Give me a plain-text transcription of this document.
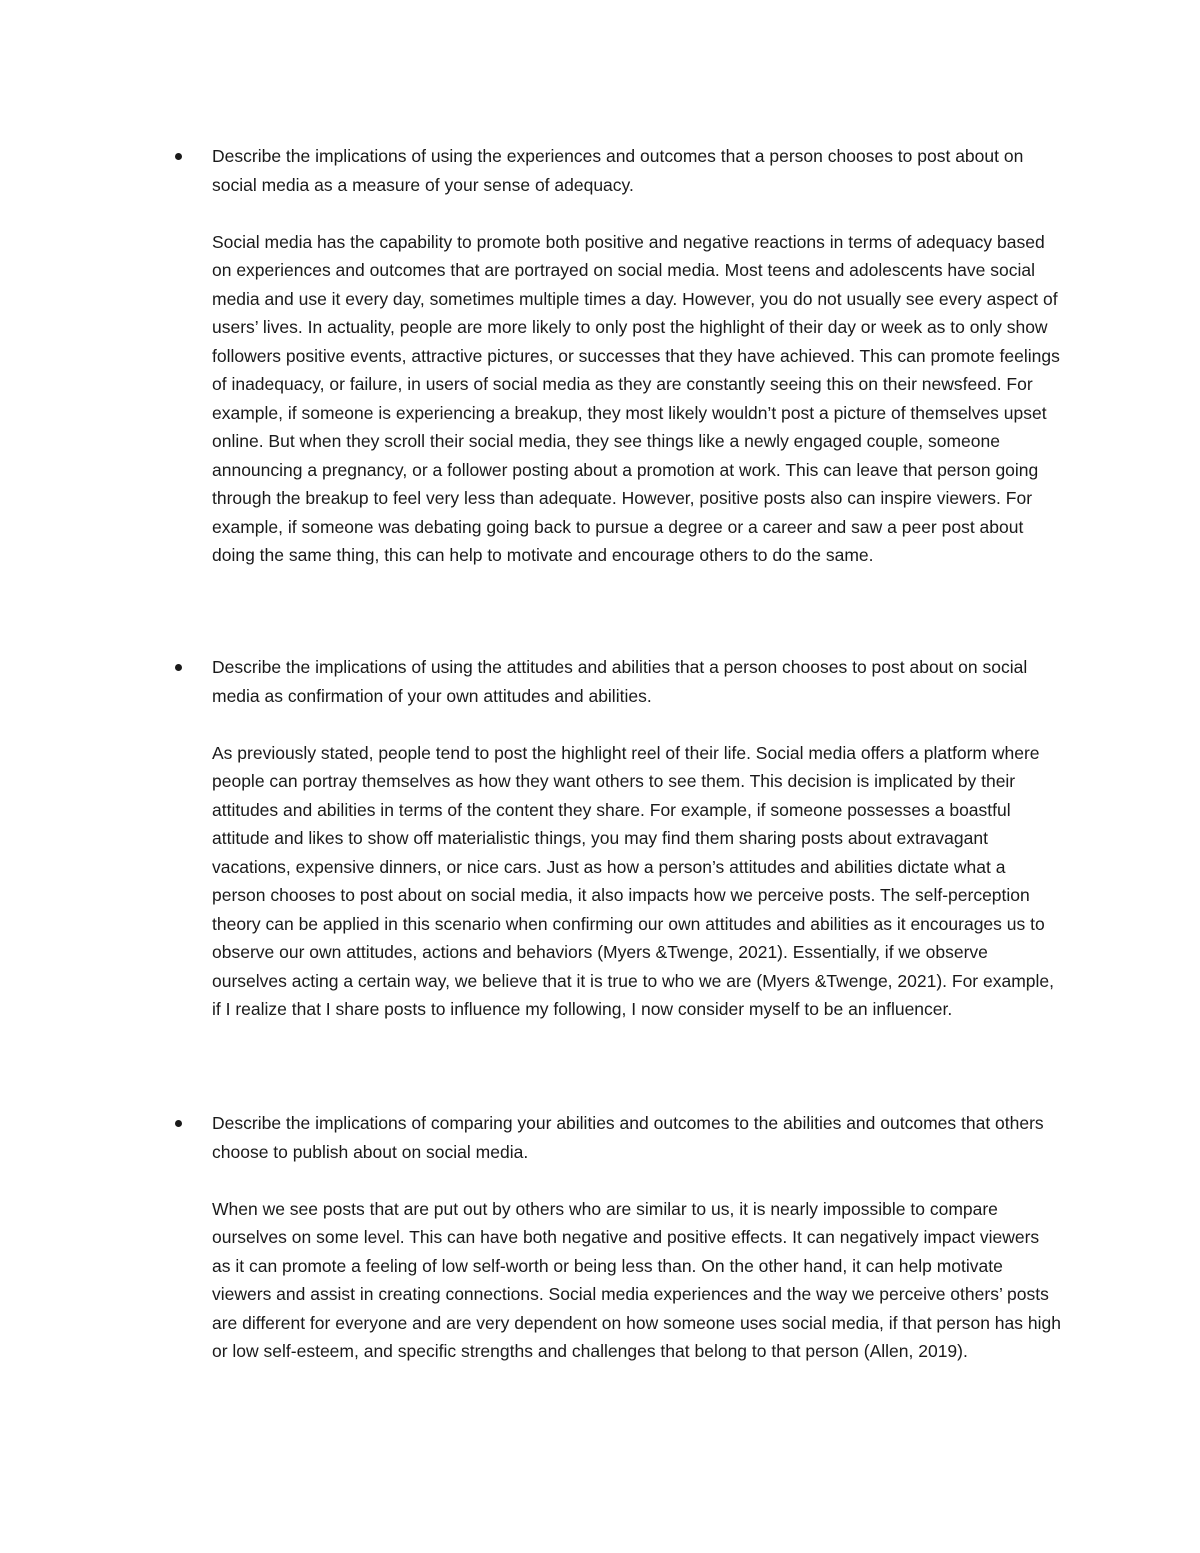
Describe the implications of using the experiences and outcomes that a person chooses to post about on social media as a measure of your sense of adequacy.

Social media has the capability to promote both positive and negative reactions in terms of adequacy based on experiences and outcomes that are portrayed on social media. Most teens and adolescents have social media and use it every day, sometimes multiple times a day. However, you do not usually see every aspect of users’ lives. In actuality, people are more likely to only post the highlight of their day or week as to only show followers positive events, attractive pictures, or successes that they have achieved. This can promote feelings of inadequacy, or failure, in users of social media as they are constantly seeing this on their newsfeed. For example, if someone is experiencing a breakup, they most likely wouldn’t post a picture of themselves upset online. But when they scroll their social media, they see things like a newly engaged couple, someone announcing a pregnancy, or a follower posting about a promotion at work. This can leave that person going through the breakup to feel very less than adequate. However, positive posts also can inspire viewers. For example, if someone was debating going back to pursue a degree or a career and saw a peer post about doing the same thing, this can help to motivate and encourage others to do the same.

Describe the implications of using the attitudes and abilities that a person chooses to post about on social media as confirmation of your own attitudes and abilities.

As previously stated, people tend to post the highlight reel of their life. Social media offers a platform where people can portray themselves as how they want others to see them. This decision is implicated by their attitudes and abilities in terms of the content they share. For example, if someone possesses a boastful attitude and likes to show off materialistic things, you may find them sharing posts about extravagant vacations, expensive dinners, or nice cars. Just as how a person’s attitudes and abilities dictate what a person chooses to post about on social media, it also impacts how we perceive posts. The self-perception theory can be applied in this scenario when confirming our own attitudes and abilities as it encourages us to observe our own attitudes, actions and behaviors (Myers &Twenge, 2021). Essentially, if we observe ourselves acting a certain way, we believe that it is true to who we are (Myers &Twenge, 2021). For example, if I realize that I share posts to influence my following, I now consider myself to be an influencer.

Describe the implications of comparing your abilities and outcomes to the abilities and outcomes that others choose to publish about on social media.

When we see posts that are put out by others who are similar to us, it is nearly impossible to compare ourselves on some level. This can have both negative and positive effects. It can negatively impact viewers as it can promote a feeling of low self-worth or being less than. On the other hand, it can help motivate viewers and assist in creating connections. Social media experiences and the way we perceive others’ posts are different for everyone and are very dependent on how someone uses social media, if that person has high or low self-esteem, and specific strengths and challenges that belong to that person (Allen, 2019).
